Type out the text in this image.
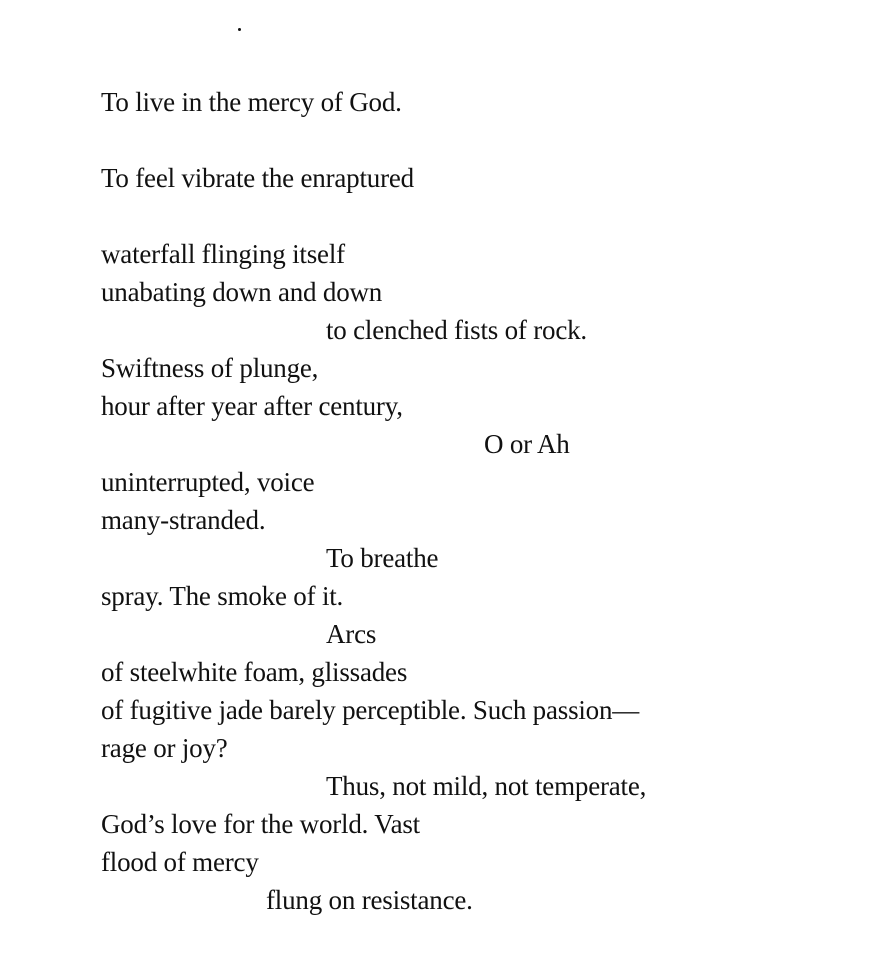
To live in the mercy of God.
To feel vibrate the enraptured
waterfall flinging itself
unabating down and down
to clenched fists of rock.
Swiftness of plunge,
hour after year after century,
O or Ah
uninterrupted, voice
many-stranded.
To breathe
spray. The smoke of it.
Arcs
of steelwhite foam, glissades
of fugitive jade barely perceptible. Such passion—
rage or joy?
Thus, not mild, not temperate,
God’s love for the world. Vast
flood of mercy
flung on resistance.
